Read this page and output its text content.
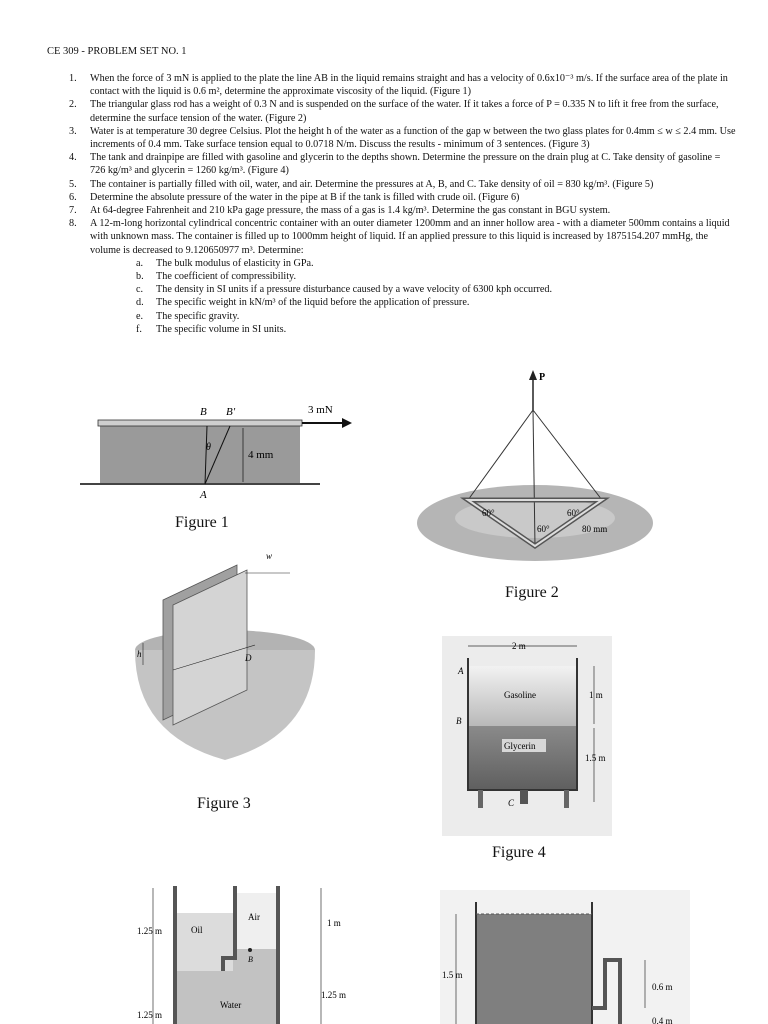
CE 309 - PROBLEM SET NO. 1
1. When the force of 3 mN is applied to the plate the line AB in the liquid remains straight and has a velocity of 0.6x10⁻³ m/s. If the surface area of the plate in contact with the liquid is 0.6 m², determine the approximate viscosity of the liquid. (Figure 1)
2. The triangular glass rod has a weight of 0.3 N and is suspended on the surface of the water. If it takes a force of P = 0.335 N to lift it free from the surface, determine the surface tension of the water. (Figure 2)
3. Water is at temperature 30 degree Celsius. Plot the height h of the water as a function of the gap w between the two glass plates for 0.4mm ≤ w ≤ 2.4 mm. Use increments of 0.4 mm. Take surface tension equal to 0.0718 N/m. Discuss the results - minimum of 3 sentences. (Figure 3)
4. The tank and drainpipe are filled with gasoline and glycerin to the depths shown. Determine the pressure on the drain plug at C. Take density of gasoline = 726 kg/m³ and glycerin = 1260 kg/m³. (Figure 4)
5. The container is partially filled with oil, water, and air. Determine the pressures at A, B, and C. Take density of oil = 830 kg/m³. (Figure 5)
6. Determine the absolute pressure of the water in the pipe at B if the tank is filled with crude oil. (Figure 6)
7. At 64-degree Fahrenheit and 210 kPa gage pressure, the mass of a gas is 1.4 kg/m³. Determine the gas constant in BGU system.
8. A 12-m-long horizontal cylindrical concentric container with an outer diameter 1200mm and an inner hollow area - with a diameter 500mm contains a liquid with unknown mass. The container is filled up to 1000mm height of liquid. If an applied pressure to this liquid is increased by 1875154.207 mmHg, the volume is decreased to 9.120650977 m³. Determine:
a. The bulk modulus of elasticity in GPa.
b. The coefficient of compressibility.
c. The density in SI units if a pressure disturbance caused by a wave velocity of 6300 kph occurred.
d. The specific weight in kN/m³ of the liquid before the application of pressure.
e. The specific gravity.
f. The specific volume in SI units.
B B′
A
θ
4 mm
3 mN
Figure 1
P
60°	60°
60°	80 mm
Figure 2
w
h	D
Figure 3
2 m
A
B
C
Gasoline
Glycerin
1 m
1.5 m
Figure 4
Oil
Air
Water
B
1.25 m
1.25 m
1 m
1.25 m
1.5 m
0.6 m
0.4 m
